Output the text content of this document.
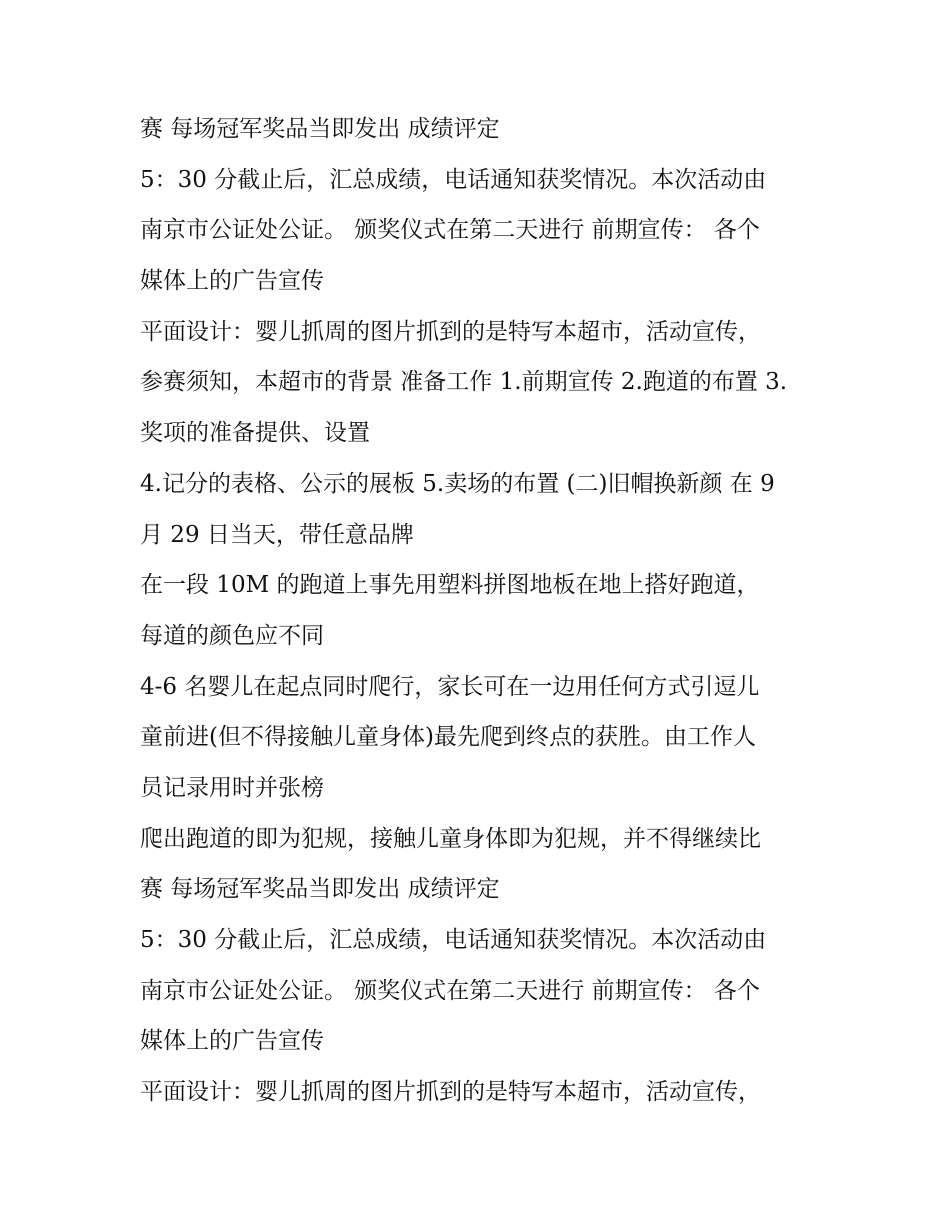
赛 每场冠军奖品当即发出 成绩评定
5：30 分截止后，汇总成绩，电话通知获奖情况。本次活动由
南京市公证处公证。 颁奖仪式在第二天进行 前期宣传： 各个
媒体上的广告宣传
平面设计：婴儿抓周的图片抓到的是特写本超市，活动宣传，
参赛须知，本超市的背景 准备工作 1.前期宣传 2.跑道的布置 3.
奖项的准备提供、设置
4.记分的表格、公示的展板 5.卖场的布置 (二)旧帽换新颜 在 9
月 29 日当天，带任意品牌
在一段 10M 的跑道上事先用塑料拼图地板在地上搭好跑道，
每道的颜色应不同
4-6 名婴儿在起点同时爬行，家长可在一边用任何方式引逗儿
童前进(但不得接触儿童身体)最先爬到终点的获胜。由工作人
员记录用时并张榜
爬出跑道的即为犯规，接触儿童身体即为犯规，并不得继续比
赛 每场冠军奖品当即发出 成绩评定
5：30 分截止后，汇总成绩，电话通知获奖情况。本次活动由
南京市公证处公证。 颁奖仪式在第二天进行 前期宣传： 各个
媒体上的广告宣传
平面设计：婴儿抓周的图片抓到的是特写本超市，活动宣传，
